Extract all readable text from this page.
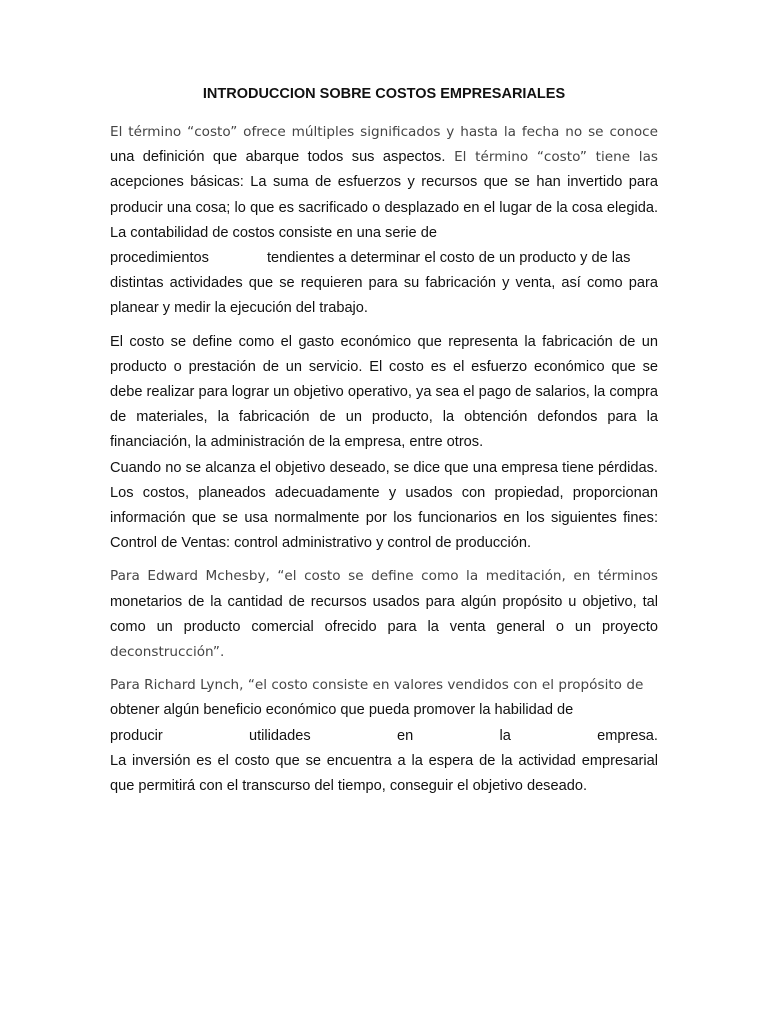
INTRODUCCION SOBRE COSTOS EMPRESARIALES
El término “costo” ofrece múltiples significados y hasta la fecha no se conoce una definición que abarque todos sus aspectos. El término “costo” tiene las acepciones básicas: La suma de esfuerzos y recursos que se han invertido para producir una cosa; lo que es sacrificado o desplazado en el lugar de la cosa elegida. La contabilidad de costos consiste en una serie de
procedimientos	tendientes a determinar el costo de un producto y de las
distintas actividades que se requieren para su fabricación y venta, así como para planear y medir la ejecución del trabajo.
El costo se define como el gasto económico que representa la fabricación de un producto o prestación de un servicio. El costo es el esfuerzo económico que se debe realizar para lograr un objetivo operativo, ya sea el pago de salarios, la compra de materiales, la fabricación de un producto, la obtención defondos para la financiación, la administración de la empresa, entre otros.
Cuando no se alcanza el objetivo deseado, se dice que una empresa tiene pérdidas. Los costos, planeados adecuadamente y usados con propiedad, proporcionan información que se usa normalmente por los funcionarios en los siguientes fines: Control de Ventas: control administrativo y control de producción.
Para Edward Mchesby, “el costo se define como la meditación, en términos monetarios de la cantidad de recursos usados para algún propósito u objetivo, tal como un producto comercial ofrecido para la venta general o un proyecto deconstrucción”.
Para Richard Lynch, “el costo consiste en valores vendidos con el propósito de
obtener algún beneficio económico que pueda promover la habilidad de
producir	utilidades	en	la	empresa.
La inversión es el costo que se encuentra a la espera de la actividad empresarial que permitirá con el transcurso del tiempo, conseguir el objetivo deseado.
